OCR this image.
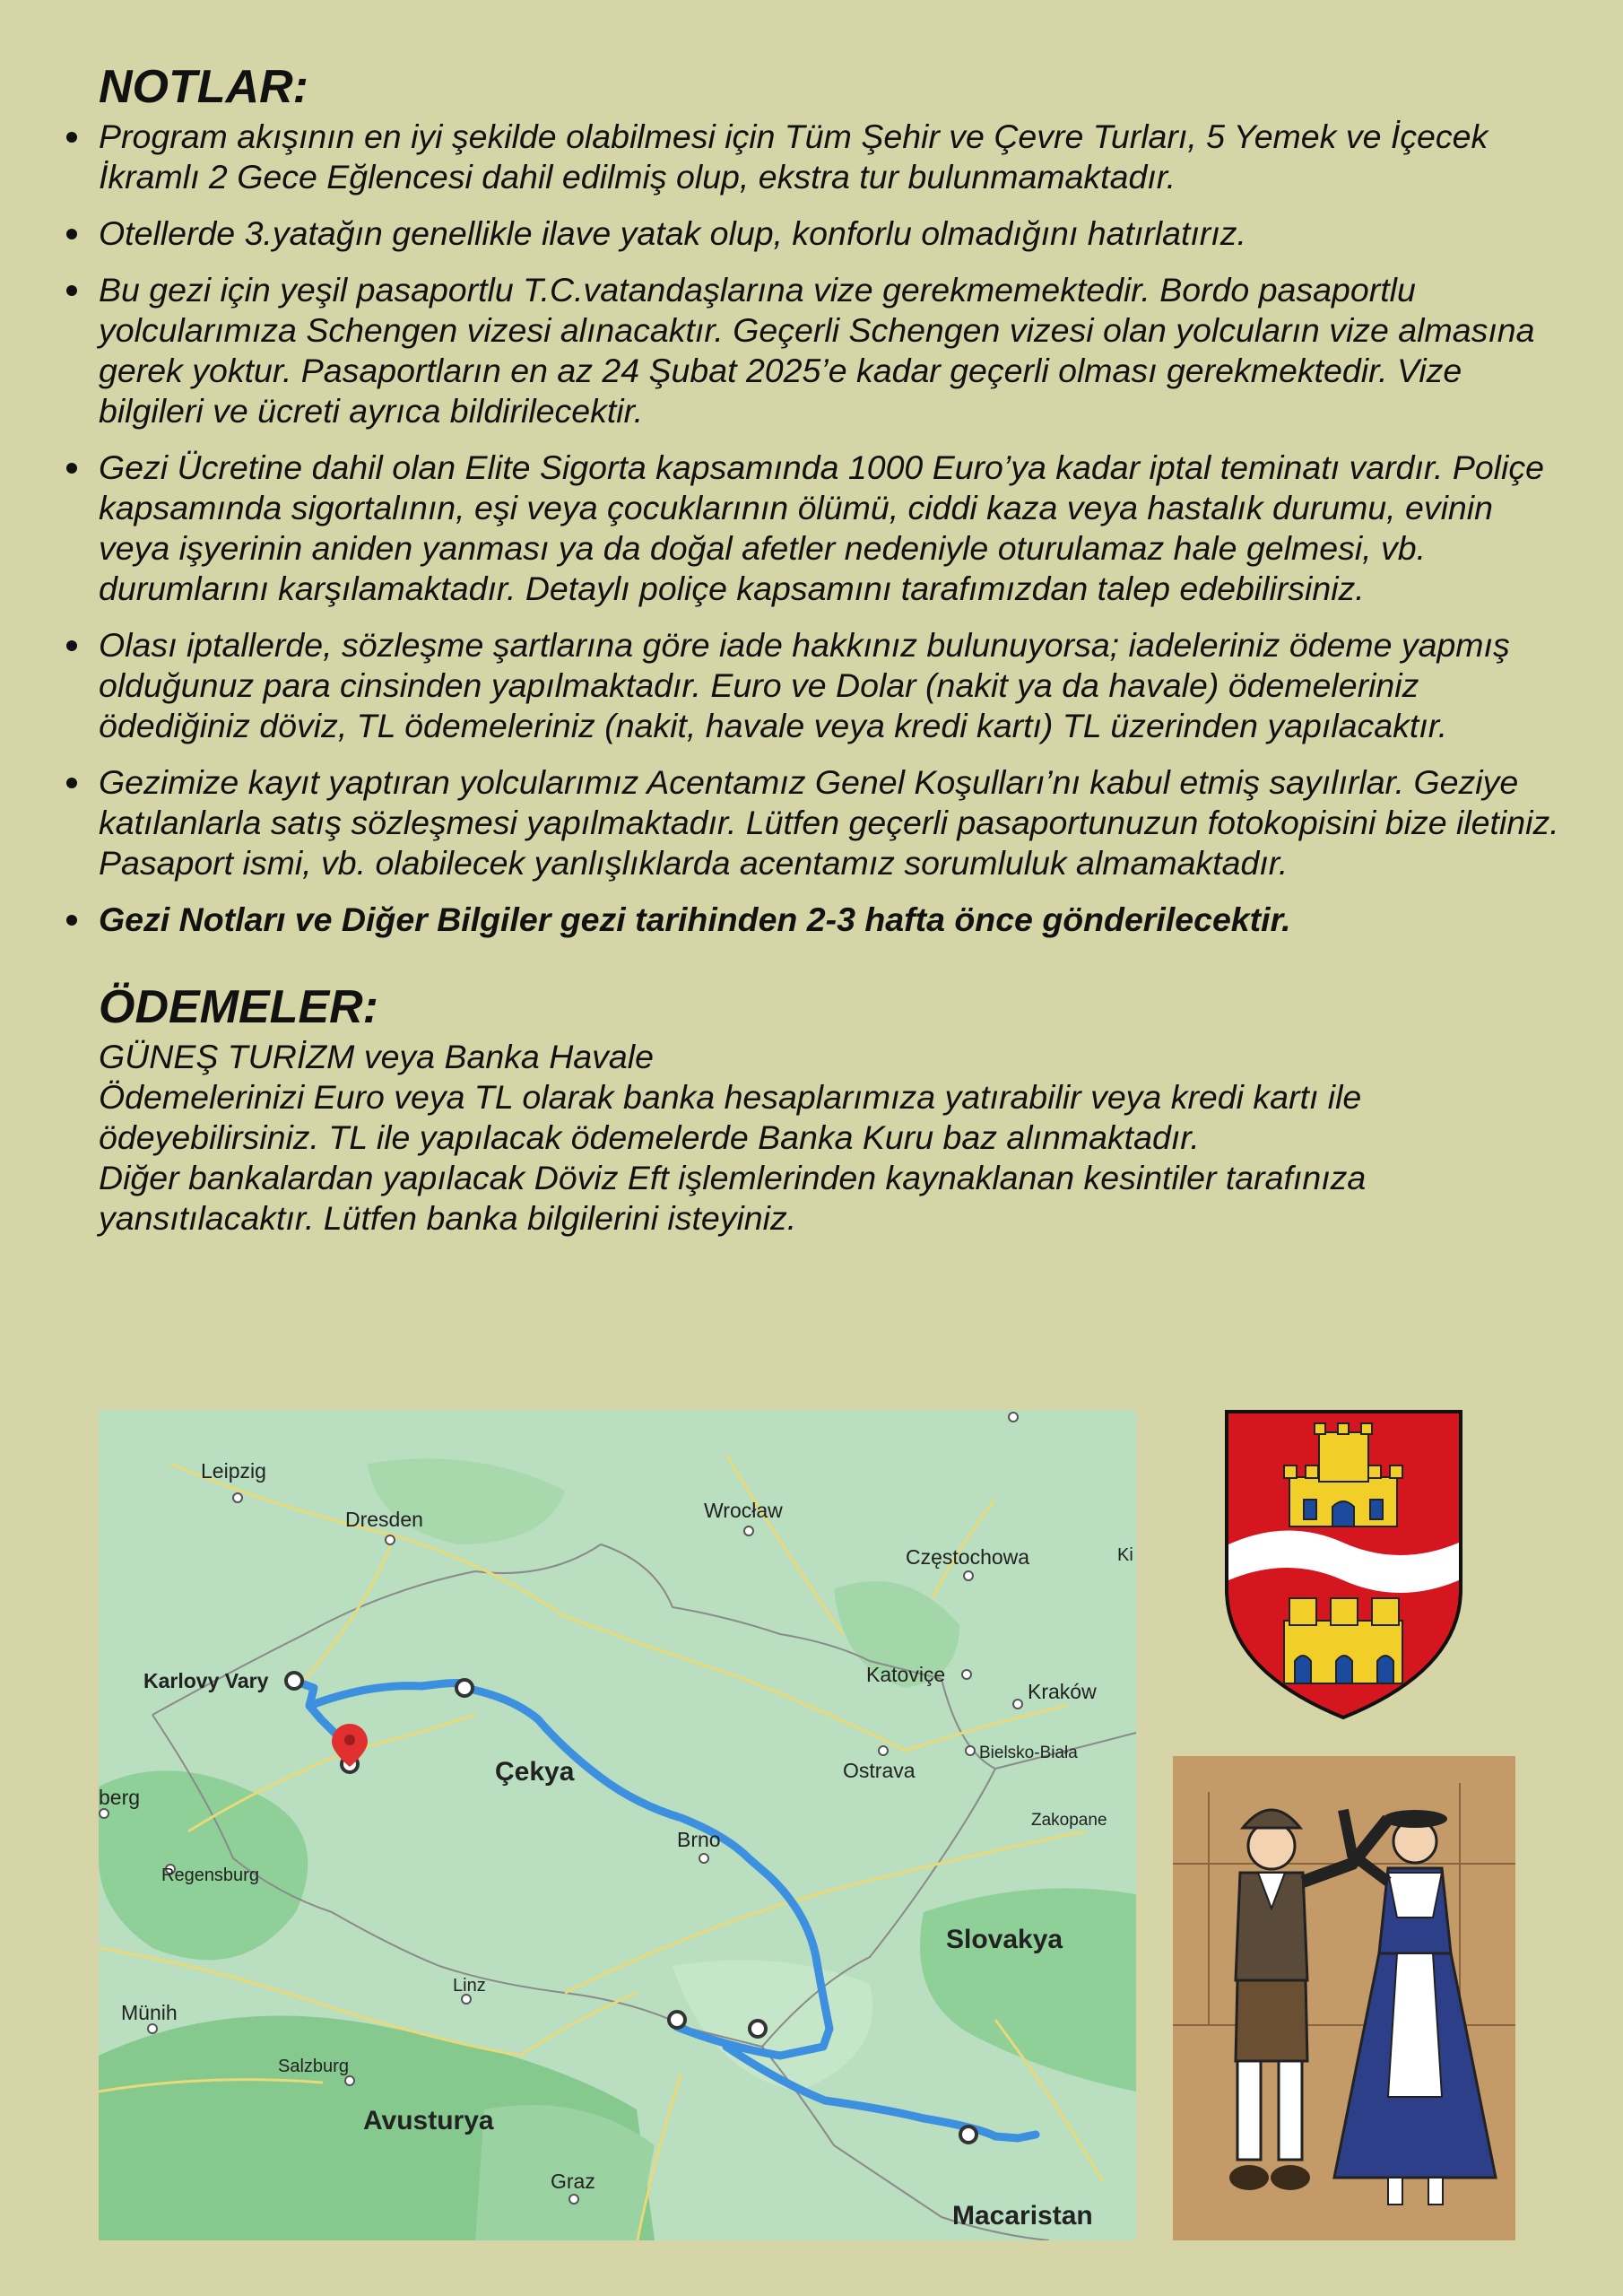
NOTLAR:
Program akışının en iyi şekilde olabilmesi için Tüm Şehir ve Çevre Turları, 5 Yemek ve İçecek İkramlı 2 Gece Eğlencesi dahil edilmiş olup, ekstra tur bulunmamaktadır.
Otellerde 3.yatağın genellikle ilave yatak olup, konforlu olmadığını hatırlatırız.
Bu gezi için yeşil pasaportlu T.C.vatandaşlarına vize gerekmemektedir. Bordo pasaportlu yolcularımıza Schengen vizesi alınacaktır. Geçerli Schengen vizesi olan yolcuların vize almasına gerek yoktur. Pasaportların en az 24 Şubat 2025’e kadar geçerli olması gerekmektedir. Vize bilgileri ve ücreti ayrıca bildirilecektir.
Gezi Ücretine dahil olan Elite Sigorta kapsamında 1000 Euro’ya kadar iptal teminatı vardır. Poliçe kapsamında sigortalının, eşi veya çocuklarının ölümü, ciddi kaza veya hastalık durumu, evinin veya işyerinin aniden yanması ya da doğal afetler nedeniyle oturulamaz hale gelmesi, vb. durumlarını karşılamaktadır. Detaylı poliçe kapsamını tarafımızdan talep edebilirsiniz.
Olası iptallerde, sözleşme şartlarına göre iade hakkınız bulunuyorsa; iadeleriniz ödeme yapmış olduğunuz para cinsinden yapılmaktadır. Euro ve Dolar (nakit ya da havale) ödemeleriniz ödediğiniz döviz, TL ödemeleriniz (nakit, havale veya kredi kartı) TL üzerinden yapılacaktır.
Gezimize kayıt yaptıran yolcularımız Acentamız Genel Koşulları’nı kabul etmiş sayılırlar. Geziye katılanlarla satış sözleşmesi yapılmaktadır. Lütfen geçerli pasaportunuzun fotokopisini bize iletiniz. Pasaport ismi, vb. olabilecek yanlışlıklarda acentamız sorumluluk almamaktadır.
Gezi Notları ve Diğer Bilgiler gezi tarihinden 2-3 hafta önce gönderilecektir.
ÖDEMELER:

GÜNEŞ TURİZM veya Banka Havale

Ödemelerinizi Euro veya TL olarak banka hesaplarımıza yatırabilir veya kredi kartı ile ödeyebilirsiniz. TL ile yapılacak ödemelerde Banka Kuru baz alınmaktadır.

Diğer bankalardan yapılacak Döviz Eft işlemlerinden kaynaklanan kesintiler tarafınıza yansıtılacaktır. Lütfen banka bilgilerini isteyiniz.

Leipzig
Dresden	Wrocław
Częstochowa	Ki
Karlovy Vary	Katoviçe
Kraków
Bielsko-Biała
Ostrava
berg
Brno
Zakopane
Regensburg
Linz
Münih
Salzburg
Graz
Çekya
Slovakya
Avusturya
Macaristan
